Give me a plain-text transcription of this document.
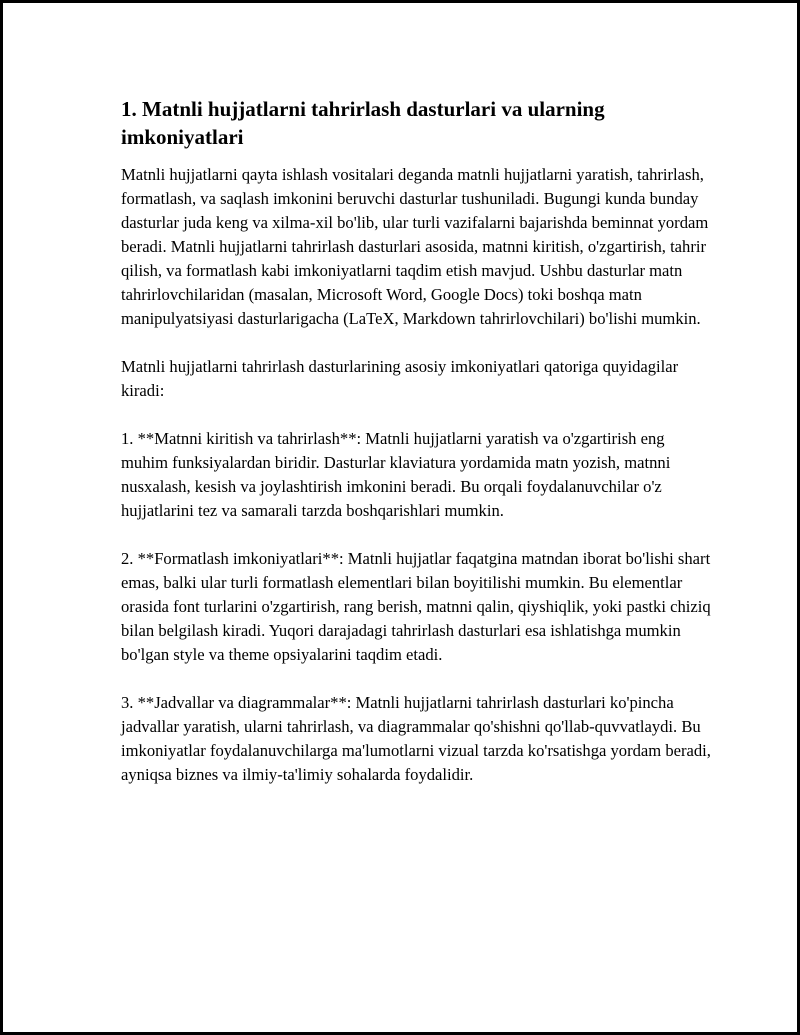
1. Matnli hujjatlarni tahrirlash dasturlari va ularning imkoniyatlari

Matnli hujjatlarni qayta ishlash vositalari deganda matnli hujjatlarni yaratish, tahrirlash, formatlash, va saqlash imkonini beruvchi dasturlar tushuniladi. Bugungi kunda bunday dasturlar juda keng va xilma-xil bo'lib, ular turli vazifalarni bajarishda beminnat yordam beradi. Matnli hujjatlarni tahrirlash dasturlari asosida, matnni kiritish, o'zgartirish, tahrir qilish, va formatlash kabi imkoniyatlarni taqdim etish mavjud. Ushbu dasturlar matn tahrirlovchilaridan (masalan, Microsoft Word, Google Docs) toki boshqa matn manipulyatsiyasi dasturlarigacha (LaTeX, Markdown tahrirlovchilari) bo'lishi mumkin.

Matnli hujjatlarni tahrirlash dasturlarining asosiy imkoniyatlari qatoriga quyidagilar kiradi:

1. **Matnni kiritish va tahrirlash**: Matnli hujjatlarni yaratish va o'zgartirish eng muhim funksiyalardan biridir. Dasturlar klaviatura yordamida matn yozish, matnni nusxalash, kesish va joylashtirish imkonini beradi. Bu orqali foydalanuvchilar o'z hujjatlarini tez va samarali tarzda boshqarishlari mumkin.

2. **Formatlash imkoniyatlari**: Matnli hujjatlar faqatgina matndan iborat bo'lishi shart emas, balki ular turli formatlash elementlari bilan boyitilishi mumkin. Bu elementlar orasida font turlarini o'zgartirish, rang berish, matnni qalin, qiyshiqlik, yoki pastki chiziq bilan belgilash kiradi. Yuqori darajadagi tahrirlash dasturlari esa ishlatishga mumkin bo'lgan style va theme opsiyalarini taqdim etadi.

3. **Jadvallar va diagrammalar**: Matnli hujjatlarni tahrirlash dasturlari ko'pincha jadvallar yaratish, ularni tahrirlash, va diagrammalar qo'shishni qo'llab-quvvatlaydi. Bu imkoniyatlar foydalanuvchilarga ma'lumotlarni vizual tarzda ko'rsatishga yordam beradi, ayniqsa biznes va ilmiy-ta'limiy sohalarda foydalidir.
